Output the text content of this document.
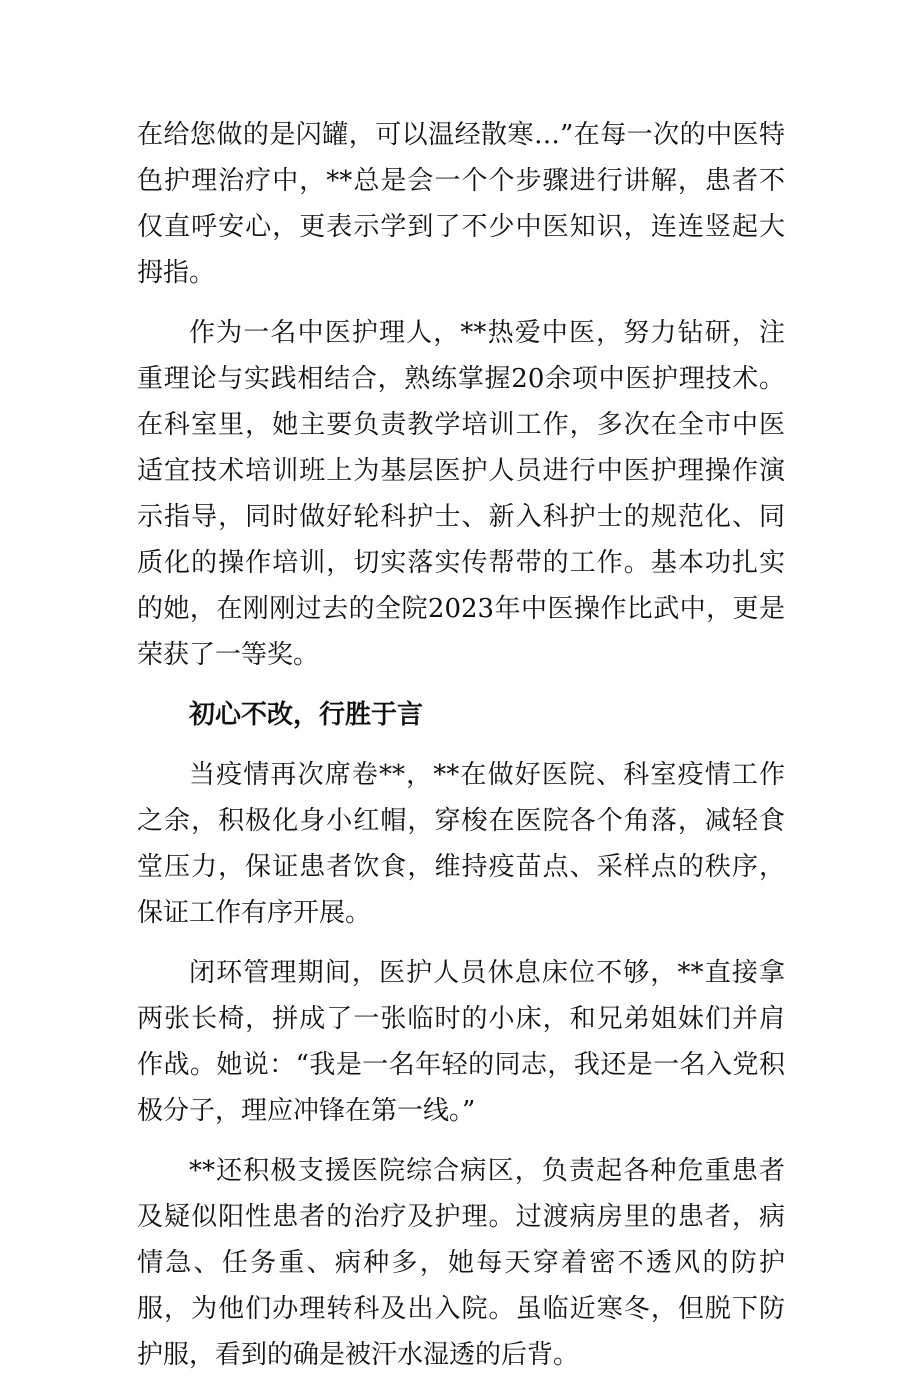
在给您做的是闪罐，可以温经散寒…”在每一次的中医特色护理治疗中，**总是会一个个步骤进行讲解，患者不仅直呼安心，更表示学到了不少中医知识，连连竖起大拇指。

作为一名中医护理人，**热爱中医，努力钻研，注重理论与实践相结合，熟练掌握20余项中医护理技术。在科室里，她主要负责教学培训工作，多次在全市中医适宜技术培训班上为基层医护人员进行中医护理操作演示指导，同时做好轮科护士、新入科护士的规范化、同质化的操作培训，切实落实传帮带的工作。基本功扎实的她，在刚刚过去的全院2023年中医操作比武中，更是荣获了一等奖。

初心不改，行胜于言

当疫情再次席卷**，**在做好医院、科室疫情工作之余，积极化身小红帽，穿梭在医院各个角落，减轻食堂压力，保证患者饮食，维持疫苗点、采样点的秩序，保证工作有序开展。

闭环管理期间，医护人员休息床位不够，**直接拿两张长椅，拼成了一张临时的小床，和兄弟姐妹们并肩作战。她说：“我是一名年轻的同志，我还是一名入党积极分子，理应冲锋在第一线。”

**还积极支援医院综合病区，负责起各种危重患者及疑似阳性患者的治疗及护理。过渡病房里的患者，病情急、任务重、病种多，她每天穿着密不透风的防护服，为他们办理转科及出入院。虽临近寒冬，但脱下防护服，看到的确是被汗水湿透的后背。
